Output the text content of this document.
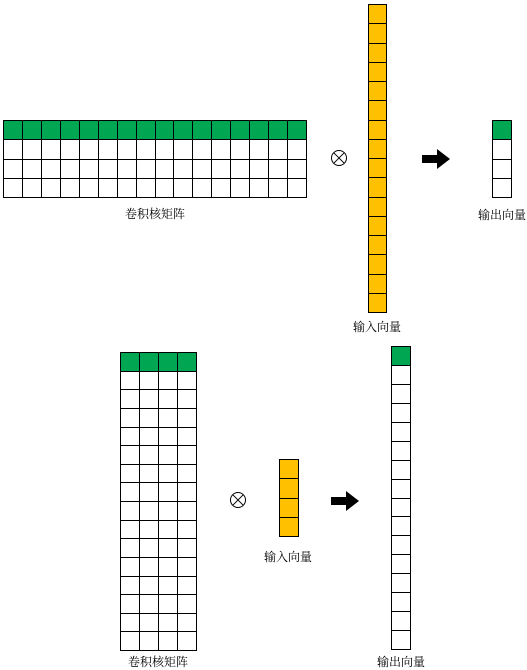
卷积核矩阵
输入向量
输出向量
卷积核矩阵
输入向量
输出向量
